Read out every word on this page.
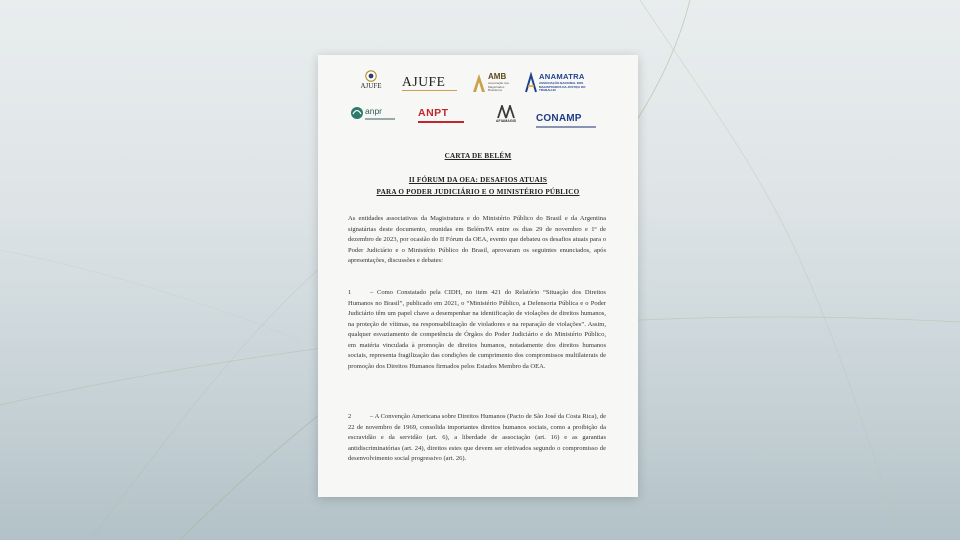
AJUFE	AJUFE	AMB
Associação dos Magistrados Brasileiros
ANAMATRA
ASSOCIAÇÃO NACIONAL DOS MAGISTRADOS DA JUSTIÇA DO TRABALHO
anpr	ANPT
AFIAMAGIS	CONAMP
CARTA DE BELÉM
II FÓRUM DA OEA: DESAFIOS ATUAIS
PARA O PODER JUDICIÁRIO E O MINISTÉRIO PÚBLICO

As entidades associativas da Magistratura e do Ministério Público do Brasil e da Argentina signatárias deste documento, reunidas em Belém/PA entre os dias 29 de novembro e 1º de dezembro de 2023, por ocasião do II Fórum da OEA, evento que debateu os desafios atuais para o Poder Judiciário e o Ministério Público do Brasil, aprovaram os seguintes enunciados, após apresentações, discussões e debates:

1	– Como Constatado pela CIDH, no item 421 do Relatório “Situação dos Direitos Humanos no Brasil”, publicado em 2021, o “Ministério Público, a Defensoria Pública e o Poder Judiciário têm um papel chave a desempenhar na identificação de violações de direitos humanos, na proteção de vítimas, na responsabilização de violadores e na reparação de violações”. Assim, qualquer esvaziamento de competência de Órgãos do Poder Judiciário e do Ministério Público, em matéria vinculada à promoção de direitos humanos, notadamente dos direitos humanos sociais, representa fragilização das condições de cumprimento dos compromissos multilaterais de promoção dos Direitos Humanos firmados pelos Estados Membro da OEA.

2	– A Convenção Americana sobre Direitos Humanos (Pacto de São José da Costa Rica), de 22 de novembro de 1969, consolida importantes direitos humanos sociais, como a proibição da escravidão e da servidão (art. 6), a liberdade de associação (art. 16) e as garantias antidiscriminatórias (art. 24), direitos estes que devem ser efetivados segundo o compromisso de desenvolvimento social progressivo (art. 26).
